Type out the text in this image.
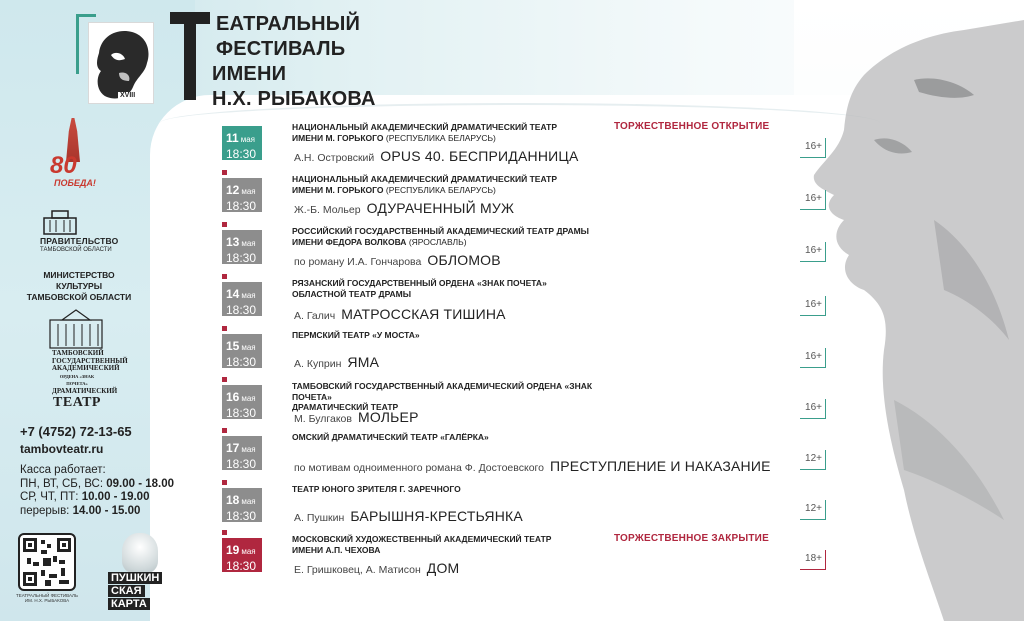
XVIII
ЕАТРАЛЬНЫЙ
ФЕСТИВАЛЬ
ИМЕНИ
Н.Х. РЫБАКОВА
80
ПОБЕДА!
ПРАВИТЕЛЬСТВО
ТАМБОВСКОЙ ОБЛАСТИ
МИНИСТЕРСТВО КУЛЬТУРЫ
ТАМБОВСКОЙ ОБЛАСТИ
ТАМБОВСКИЙ
ГОСУДАРСТВЕННЫЙ
АКАДЕМИЧЕСКИЙ
ОРДЕНА «ЗНАК ПОЧЕТА»
ДРАМАТИЧЕСКИЙ
ТЕАТР
+7 (4752) 72-13-65
tambovteatr.ru
Касса работает:
ПН, ВТ, СБ, ВС: 09.00 - 18.00
СР, ЧТ, ПТ: 10.00 - 19.00
перерыв: 14.00 - 15.00
ТЕАТРАЛЬНЫЙ ФЕСТИВАЛЬ ИМ. Н.Х. РЫБАКОВА
ПУШКИН
СКАЯ
КАРТА
11 мая
18:30
НАЦИОНАЛЬНЫЙ АКАДЕМИЧЕСКИЙ ДРАМАТИЧЕСКИЙ ТЕАТР
ИМЕНИ М. ГОРЬКОГО (РЕСПУБЛИКА БЕЛАРУСЬ)
ТОРЖЕСТВЕННОЕ ОТКРЫТИЕ
А.Н. Островский OPUS 40. БЕСПРИДАННИЦА
16+
12 мая
18:30
НАЦИОНАЛЬНЫЙ АКАДЕМИЧЕСКИЙ ДРАМАТИЧЕСКИЙ ТЕАТР
ИМЕНИ М. ГОРЬКОГО (РЕСПУБЛИКА БЕЛАРУСЬ)
Ж.-Б. Мольер ОДУРАЧЕННЫЙ МУЖ
16+
13 мая
18:30
РОССИЙСКИЙ ГОСУДАРСТВЕННЫЙ АКАДЕМИЧЕСКИЙ ТЕАТР ДРАМЫ
ИМЕНИ ФЕДОРА ВОЛКОВА (ЯРОСЛАВЛЬ)
по роману И.А. Гончарова ОБЛОМОВ
16+
14 мая
18:30
РЯЗАНСКИЙ ГОСУДАРСТВЕННЫЙ ОРДЕНА «ЗНАК ПОЧЕТА»
ОБЛАСТНОЙ ТЕАТР ДРАМЫ
А. Галич МАТРОССКАЯ ТИШИНА
16+
15 мая
18:30
ПЕРМСКИЙ ТЕАТР «У МОСТА»
А. Куприн ЯМА	16+
16 мая
18:30
ТАМБОВСКИЙ ГОСУДАРСТВЕННЫЙ АКАДЕМИЧЕСКИЙ ОРДЕНА «ЗНАК ПОЧЕТА»
ДРАМАТИЧЕСКИЙ ТЕАТР
М. Булгаков МОЛЬЕР
16+
17 мая
18:30
ОМСКИЙ ДРАМАТИЧЕСКИЙ ТЕАТР «ГАЛЁРКА»
по мотивам одноименного романа Ф. Достоевского ПРЕСТУПЛЕНИЕ И НАКАЗАНИЕ	12+
18 мая
18:30
ТЕАТР ЮНОГО ЗРИТЕЛЯ Г. ЗАРЕЧНОГО
А. Пушкин БАРЫШНЯ-КРЕСТЬЯНКА	12+
19 мая
18:30
МОСКОВСКИЙ ХУДОЖЕСТВЕННЫЙ АКАДЕМИЧЕСКИЙ ТЕАТР
ИМЕНИ А.П. ЧЕХОВА
ТОРЖЕСТВЕННОЕ ЗАКРЫТИЕ
Е. Гришковец, А. Матисон ДОМ
18+
